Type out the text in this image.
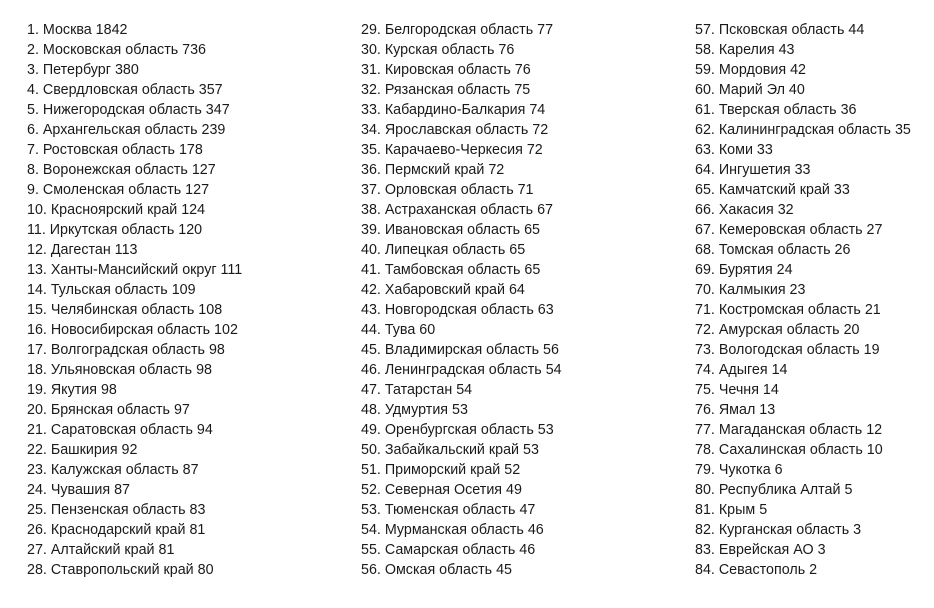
1. Москва 1842
2. Московская область 736
3. Петербург 380
4. Свердловская область 357
5. Нижегородская область 347
6. Архангельская область 239
7. Ростовская область 178
8. Воронежская область 127
9. Смоленская область 127
10. Красноярский край 124
11. Иркутская область 120
12. Дагестан 113
13. Ханты-Мансийский округ 111
14. Тульская область 109
15. Челябинская область 108
16. Новосибирская область 102
17. Волгоградская область 98
18. Ульяновская область 98
19. Якутия 98
20. Брянская область 97
21. Саратовская область 94
22. Башкирия 92
23. Калужская область 87
24. Чувашия 87
25. Пензенская область 83
26. Краснодарский край 81
27. Алтайский край 81
28. Ставропольский край 80
29. Белгородская область 77
30. Курская область 76
31. Кировская область 76
32. Рязанская область 75
33. Кабардино-Балкария 74
34. Ярославская область 72
35. Карачаево-Черкесия 72
36. Пермский край 72
37. Орловская область 71
38. Астраханская область 67
39. Ивановская область 65
40. Липецкая область 65
41. Тамбовская область 65
42. Хабаровский край 64
43. Новгородская область 63
44. Тува 60
45. Владимирская область 56
46. Ленинградская область 54
47. Татарстан 54
48. Удмуртия 53
49. Оренбургская область 53
50. Забайкальский край 53
51. Приморский край 52
52. Северная Осетия 49
53. Тюменская область 47
54. Мурманская область 46
55. Самарская область 46
56. Омская область 45
57. Псковская область 44
58. Карелия 43
59. Мордовия 42
60. Марий Эл 40
61. Тверская область 36
62. Калининградская область 35
63. Коми 33
64. Ингушетия 33
65. Камчатский край 33
66. Хакасия 32
67. Кемеровская область 27
68. Томская область 26
69. Бурятия 24
70. Калмыкия 23
71. Костромская область 21
72. Амурская область 20
73. Вологодская область 19
74. Адыгея 14
75. Чечня 14
76. Ямал 13
77. Магаданская область 12
78. Сахалинская область 10
79. Чукотка 6
80. Республика Алтай 5
81. Крым 5
82. Курганская область 3
83. Еврейская АО 3
84. Севастополь 2
